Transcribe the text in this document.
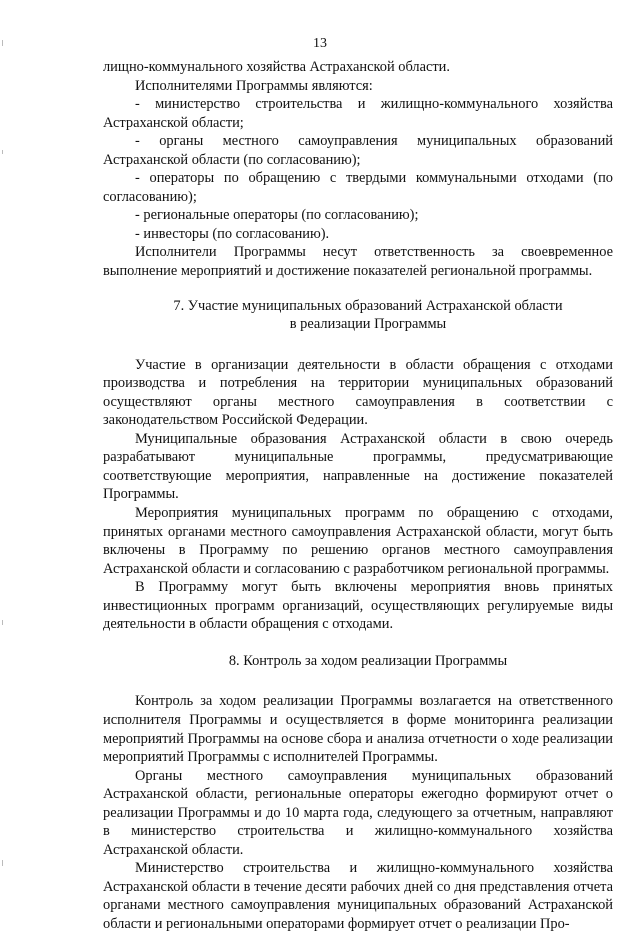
13

лищно-коммунального хозяйства Астраханской области.

Исполнителями Программы являются:

- министерство строительства и жилищно-коммунального хозяйства Астраханской области;

- органы местного самоуправления муниципальных образований Астраханской области (по согласованию);

- операторы по обращению с твердыми коммунальными отходами (по согласованию);

- региональные операторы (по согласованию);

- инвесторы (по согласованию).

Исполнители Программы несут ответственность за своевременное выполнение мероприятий и достижение показателей региональной программы.

7. Участие муниципальных образований Астраханской области
в реализации Программы

Участие в организации деятельности в области обращения с отходами производства и потребления на территории муниципальных образований осуществляют органы местного самоуправления в соответствии с законодательством Российской Федерации.

Муниципальные образования Астраханской области в свою очередь разрабатывают муниципальные программы, предусматривающие соответствующие мероприятия, направленные на достижение показателей Программы.

Мероприятия муниципальных программ по обращению с отходами, принятых органами местного самоуправления Астраханской области, могут быть включены в Программу по решению органов местного самоуправления Астраханской области и согласованию с разработчиком региональной программы.

В Программу могут быть включены мероприятия вновь принятых инвестиционных программ организаций, осуществляющих регулируемые виды деятельности в области обращения с отходами.

8. Контроль за ходом реализации Программы

Контроль за ходом реализации Программы возлагается на ответственного исполнителя Программы и осуществляется в форме мониторинга реализации мероприятий Программы на основе сбора и анализа отчетности о ходе реализации мероприятий Программы с исполнителей Программы.

Органы местного самоуправления муниципальных образований Астраханской области, региональные операторы ежегодно формируют отчет о реализации Программы и до 10 марта года, следующего за отчетным, направляют в министерство строительства и жилищно-коммунального хозяйства Астраханской области.

Министерство строительства и жилищно-коммунального хозяйства Астраханской области в течение десяти рабочих дней со дня представления отчета органами местного самоуправления муниципальных образований Астраханской области и региональными операторами формирует отчет о реализации Про-
